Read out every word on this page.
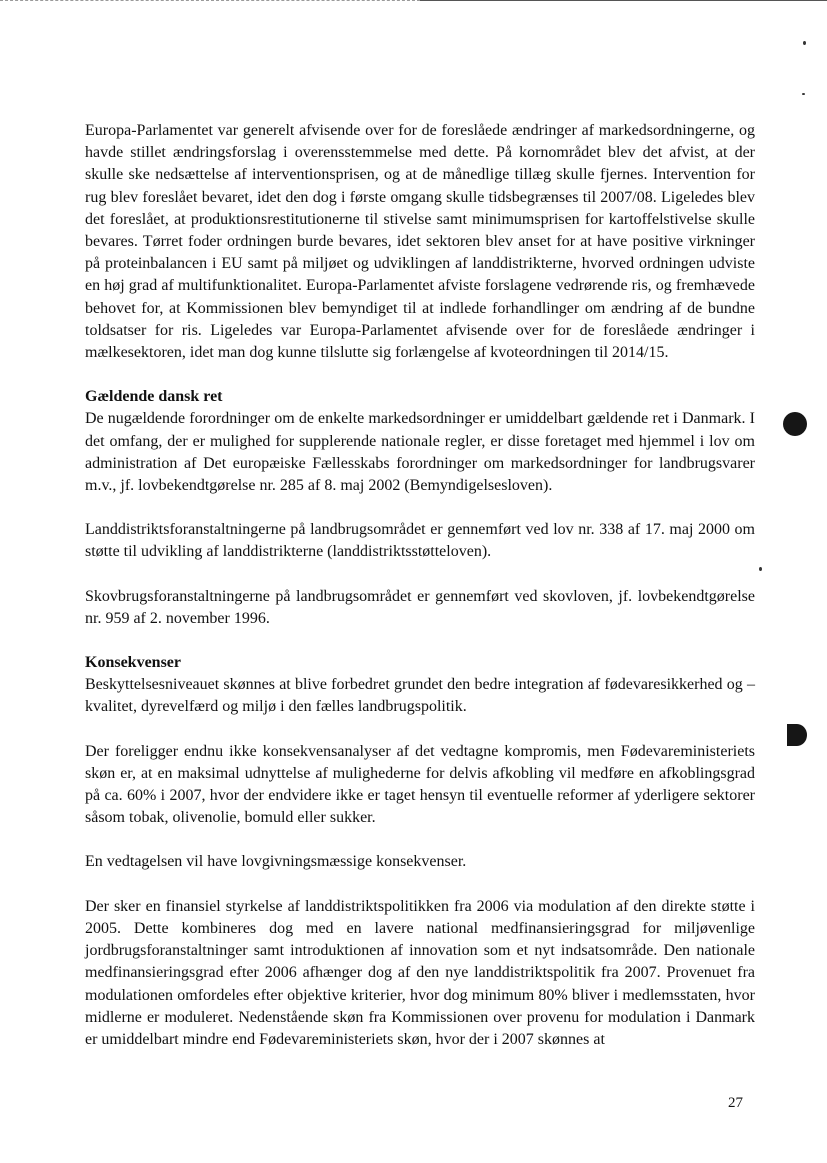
Europa-Parlamentet var generelt afvisende over for de foreslåede ændringer af markedsordningerne, og havde stillet ændringsforslag i overensstemmelse med dette. På kornområdet blev det afvist, at der skulle ske nedsættelse af interventionsprisen, og at de månedlige tillæg skulle fjernes. Intervention for rug blev foreslået bevaret, idet den dog i første omgang skulle tidsbegrænses til 2007/08. Ligeledes blev det foreslået, at produktionsrestitutionerne til stivelse samt minimumsprisen for kartoffelstivelse skulle bevares. Tørret foder ordningen burde bevares, idet sektoren blev anset for at have positive virkninger på proteinbalancen i EU samt på miljøet og udviklingen af landdistrikterne, hvorved ordningen udviste en høj grad af multifunktionalitet. Europa-Parlamentet afviste forslagene vedrørende ris, og fremhævede behovet for, at Kommissionen blev bemyndiget til at indlede forhandlinger om ændring af de bundne toldsatser for ris. Ligeledes var Europa-Parlamentet afvisende over for de foreslåede ændringer i mælkesektoren, idet man dog kunne tilslutte sig forlængelse af kvoteordningen til 2014/15.

Gældende dansk ret

De nugældende forordninger om de enkelte markedsordninger er umiddelbart gældende ret i Danmark. I det omfang, der er mulighed for supplerende nationale regler, er disse foretaget med hjemmel i lov om administration af Det europæiske Fællesskabs forordninger om markedsordninger for landbrugsvarer m.v., jf. lovbekendtgørelse nr. 285 af 8. maj 2002 (Bemyndigelsesloven).

Landdistriktsforanstaltningerne på landbrugsområdet er gennemført ved lov nr. 338 af 17. maj 2000 om støtte til udvikling af landdistrikterne (landdistriktsstøtteloven).

Skovbrugsforanstaltningerne på landbrugsområdet er gennemført ved skovloven, jf. lovbekendtgørelse nr. 959 af 2. november 1996.

Konsekvenser

Beskyttelsesniveauet skønnes at blive forbedret grundet den bedre integration af fødevaresikkerhed og –kvalitet, dyrevelfærd og miljø i den fælles landbrugspolitik.

Der foreligger endnu ikke konsekvensanalyser af det vedtagne kompromis, men Fødevareministeriets skøn er, at en maksimal udnyttelse af mulighederne for delvis afkobling vil medføre en afkoblingsgrad på ca. 60% i 2007, hvor der endvidere ikke er taget hensyn til eventuelle reformer af yderligere sektorer såsom tobak, olivenolie, bomuld eller sukker.

En vedtagelsen vil have lovgivningsmæssige konsekvenser.

Der sker en finansiel styrkelse af landdistriktspolitikken fra 2006 via modulation af den direkte støtte i 2005. Dette kombineres dog med en lavere national medfinansieringsgrad for miljøvenlige jordbrugsforanstaltninger samt introduktionen af innovation som et nyt indsatsområde. Den nationale medfinansieringsgrad efter 2006 afhænger dog af den nye landdistriktspolitik fra 2007. Provenuet fra modulationen omfordeles efter objektive kriterier, hvor dog minimum 80% bliver i medlemsstaten, hvor midlerne er moduleret. Nedenstående skøn fra Kommissionen over provenu for modulation i Danmark er umiddelbart mindre end Fødevareministeriets skøn, hvor der i 2007 skønnes at

27
